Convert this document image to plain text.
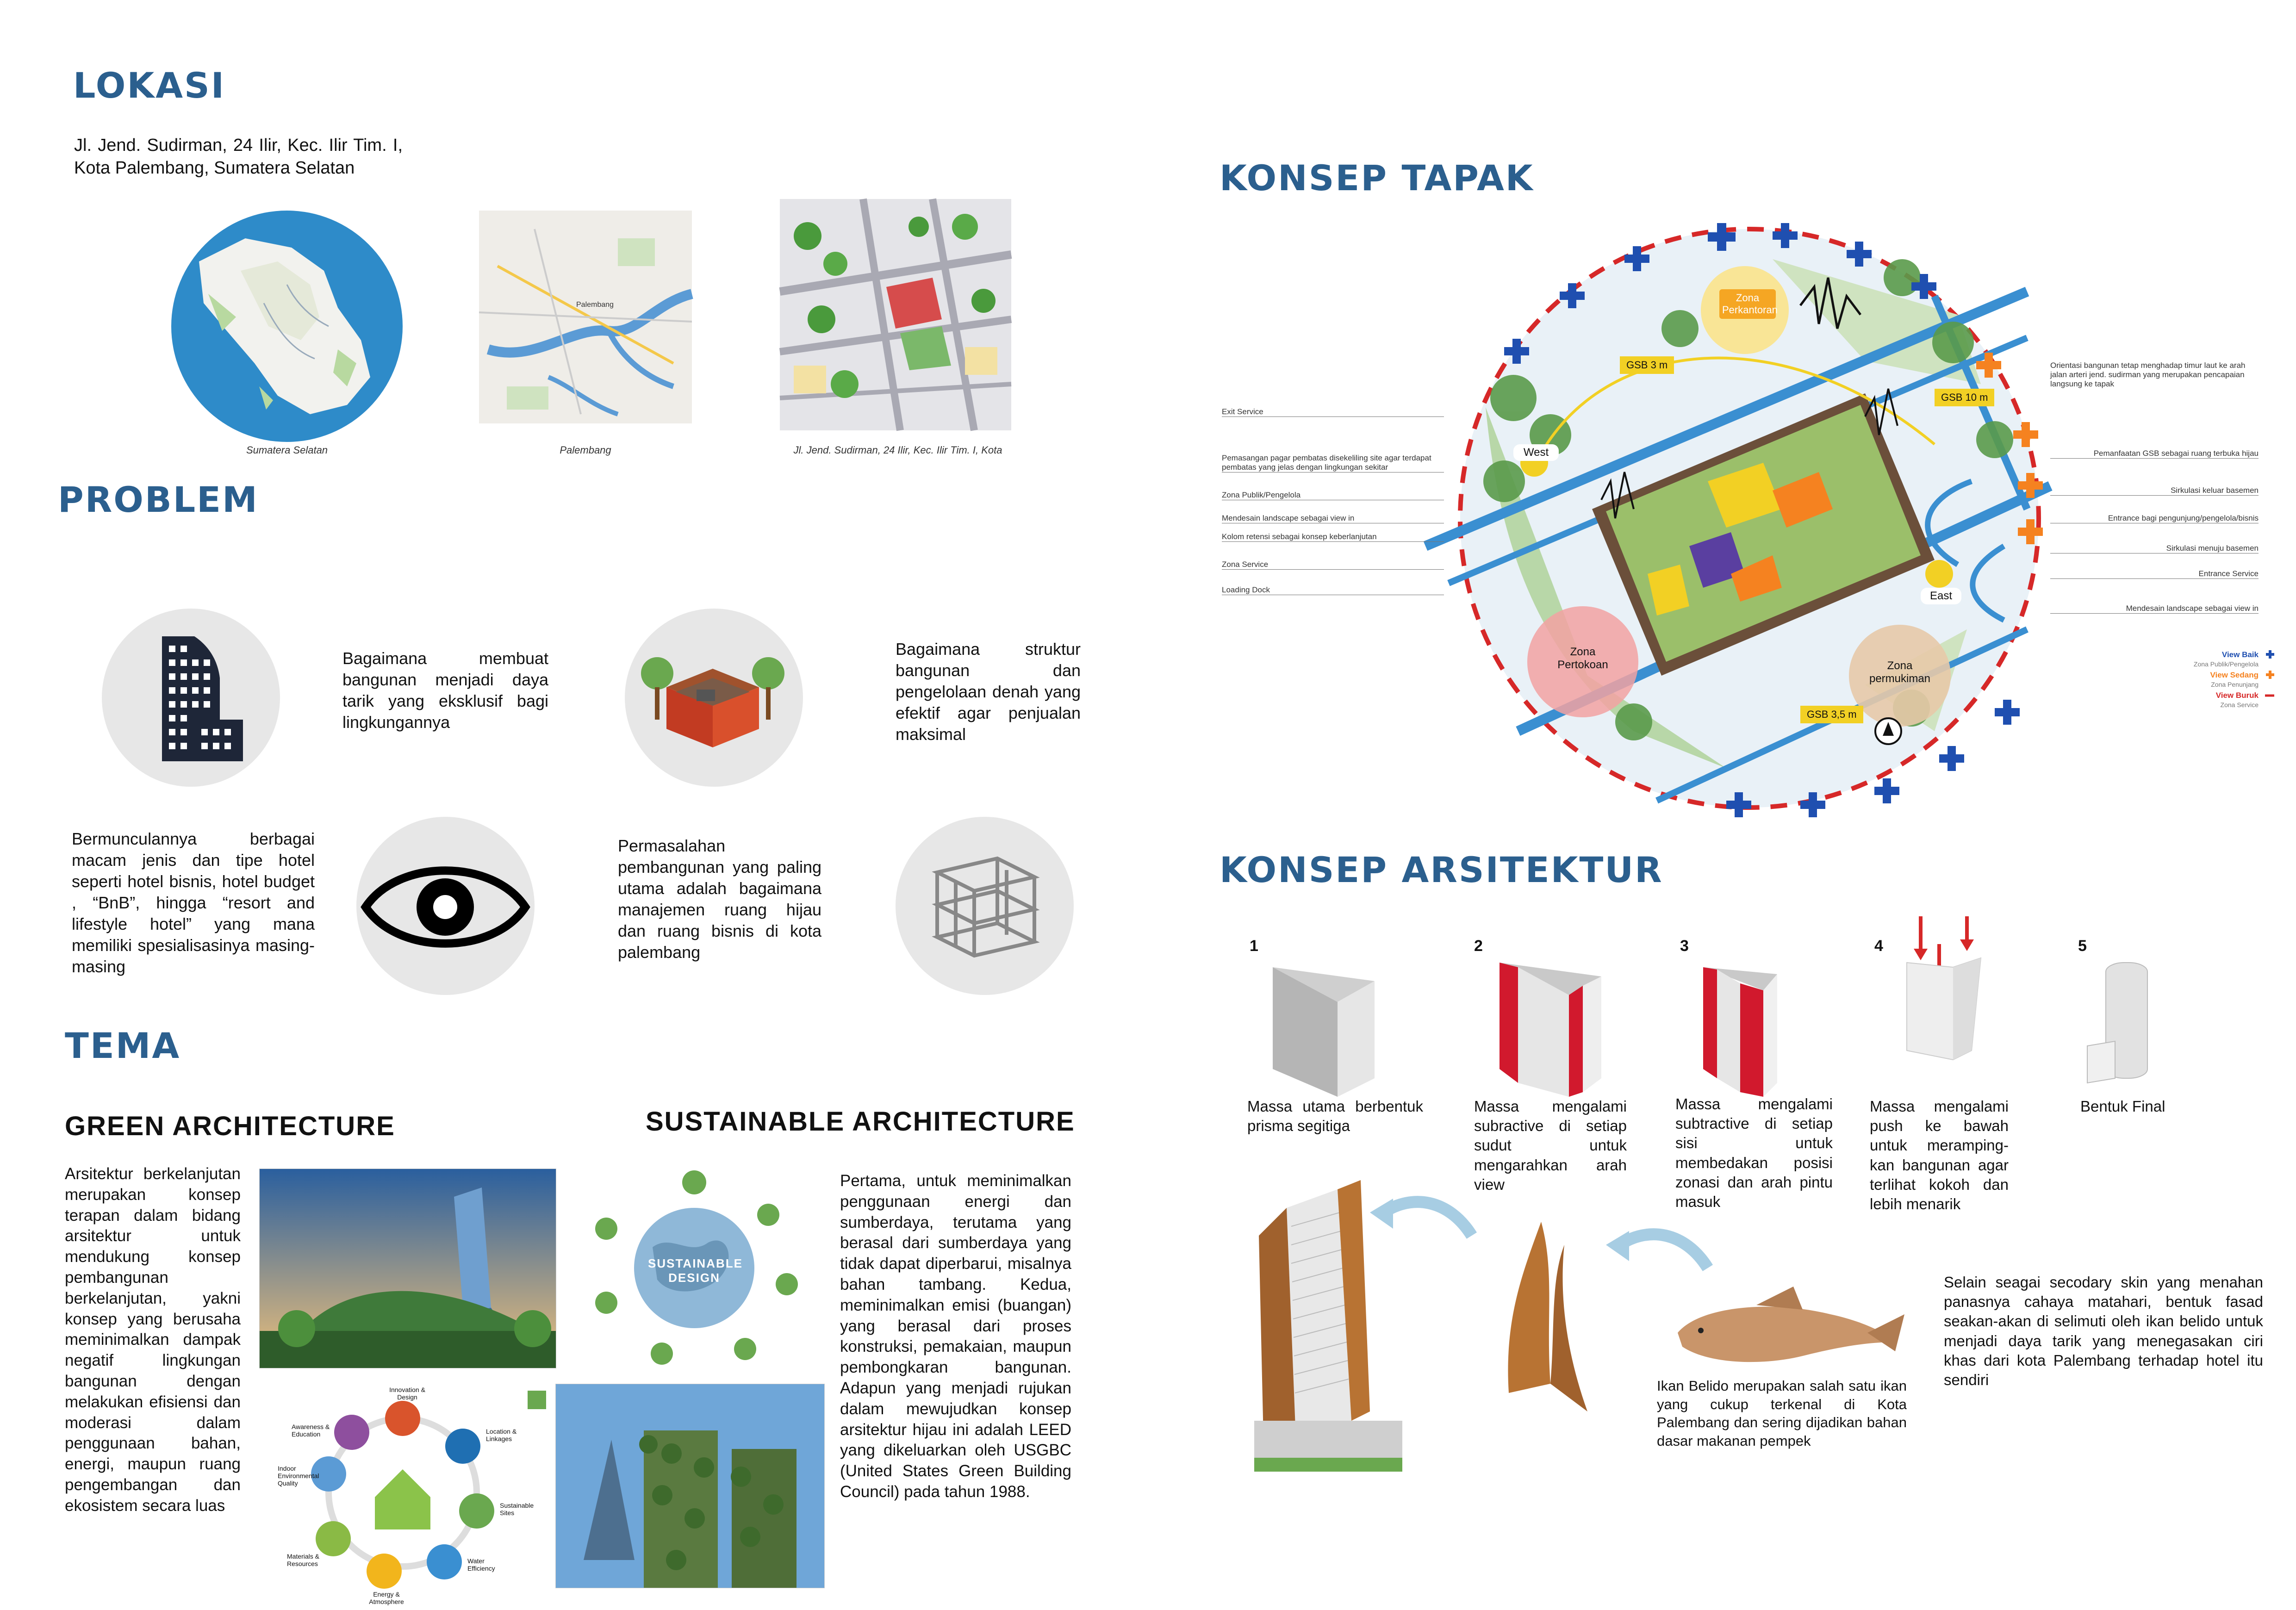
LOKASI

Jl. Jend. Sudirman, 24 Ilir, Kec. Ilir Tim. I, Kota Palembang, Sumatera Selatan

Sumatera Selatan
Palembang
Palembang	Jl. Jend. Sudirman, 24 Ilir, Kec. Ilir Tim. I, Kota
PROBLEM

Bagaimana membuat bangunan menjadi daya tarik yang eksklusif bagi lingkungannya

Bagaimana struktur bangunan dan pengelolaan denah yang efektif agar penjualan maksimal

Bermunculannya berbagai macam jenis dan tipe hotel seperti hotel bisnis, hotel budget , “BnB”, hingga “resort and lifestyle hotel” yang mana memiliki spesialisasinya masing-masing

Permasalahan pembangunan yang paling utama adalah bagaimana manajemen ruang hijau dan ruang bisnis di kota palembang

TEMA
GREEN ARCHITECTURE

Arsitektur berkelanjutan merupakan konsep terapan dalam bidang arsitektur untuk mendukung konsep pembangunan berkelanjutan, yakni konsep yang berusaha meminimalkan dampak negatif lingkungan bangunan dengan melakukan efisiensi dan moderasi dalam penggunaan bahan, energi, maupun ruang pengembangan dan ekosistem secara luas

Innovation & Design
Location & Linkages
Sustainable Sites
Water Efficiency
Energy & Atmosphere
Materials & Resources
Indoor Environmental Quality
Awareness & Education
SUSTAINABLE ARCHITECTURE
SUSTAINABLE DESIGN

Pertama, untuk meminimalkan penggunaan energi dan sumberdaya, terutama yang berasal dari sumberdaya yang tidak dapat diperbarui, misalnya bahan tambang. Kedua, meminimalkan emisi (buangan) yang berasal dari proses konstruksi, pemakaian, maupun pembongkaran bangunan. Adapun yang menjadi rujukan dalam mewujudkan konsep arsitektur hijau ini adalah LEED yang dikeluarkan oleh USGBC (United States Green Building Council) pada tahun 1988.

KONSEP TAPAK
Zona Perkantoran
Zona Pertokoan	Zona permukiman
West
East
GSB 3 m
GSB 10 m
GSB 3,5 m
Exit Service
Pemasangan pagar pembatas disekeliling site agar terdapat pembatas yang jelas dengan lingkungan sekitar
Zona Publik/Pengelola
Mendesain landscape sebagai view in
Kolom retensi sebagai konsep keberlanjutan
Zona Service
Loading Dock
Orientasi bangunan tetap menghadap timur laut ke arah jalan arteri jend. sudirman yang merupakan pencapaian langsung ke tapak
Pemanfaatan GSB sebagai ruang terbuka hijau
Sirkulasi keluar basemen
Entrance bagi pengunjung/pengelola/bisnis
Sirkulasi menuju basemen
Entrance Service
Mendesain landscape sebagai view in
View Baik
Zona Publik/Pengelola
View Sedang
Zona Penunjang
View Buruk
Zona Service
KONSEP ARSITEKTUR
1	2	3	4	5

Massa utama berbentuk prisma segitiga

Massa mengalami subractive di setiap sudut untuk mengarahkan arah view

Massa mengalami subtractive di setiap sisi untuk membedakan posisi zonasi dan arah pintu masuk

Massa mengalami push ke bawah untuk meramping-kan bangunan agar terlihat kokoh dan lebih menarik

Bentuk Final

Ikan Belido merupakan salah satu ikan yang cukup terkenal di Kota Palembang dan sering dijadikan bahan dasar makanan pempek

Selain seagai secodary skin yang menahan panasnya cahaya matahari, bentuk fasad seakan-akan di selimuti oleh ikan belido untuk menjadi daya tarik yang menegasakan ciri khas dari kota Palembang terhadap hotel itu sendiri
